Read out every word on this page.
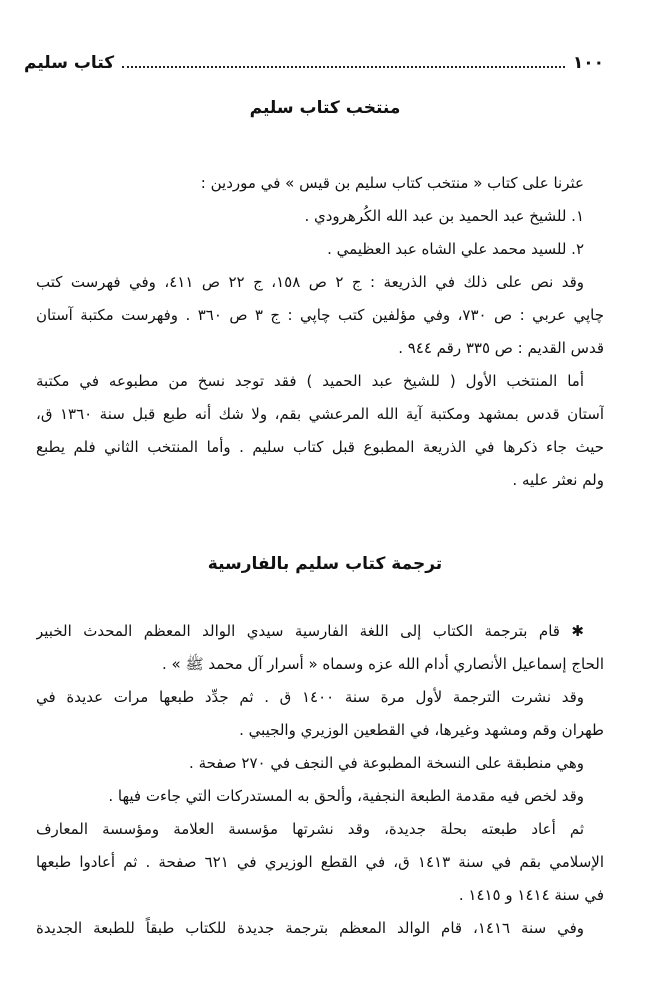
١٠٠
كتاب سليم
منتخب كتاب سليم
عثرنا على كتاب « منتخب كتاب سليم بن قيس » في موردين :
١. للشيخ عبد الحميد بن عبد الله الكُرهرودي .
٢. للسيد محمد علي الشاه عبد العظيمي .
وقد نص على ذلك في الذريعة : ج ٢ ص ١٥٨، ج ٢٢ ص ٤١١، وفي فهرست كتب
چاپي عربي : ص ٧٣٠، وفي مؤلفين كتب چاپي : ج ٣ ص ٣٦٠ . وفهرست مكتبة آستان
قدس القديم : ص ٣٣٥ رقم ٩٤٤ .
أما المنتخب الأول ( للشيخ عبد الحميد ) فقد توجد نسخ من مطبوعه في مكتبة
آستان قدس بمشهد ومكتبة آية الله المرعشي بقم، ولا شك أنه طبع قبل سنة ١٣٦٠ ق،
حيث جاء ذكرها في الذريعة المطبوع قبل كتاب سليم . وأما المنتخب الثاني فلم يطبع
ولم نعثر عليه .
ترجمة كتاب سليم بالفارسية
✱ قام بترجمة الكتاب إلى اللغة الفارسية سيدي الوالد المعظم المحدث الخبير
الحاج إسماعيل الأنصاري أدام الله عزه وسماه « أسرار آل محمد ﷺ » .
وقد نشرت الترجمة لأول مرة سنة ١٤٠٠ ق . ثم جدِّد طبعها مرات عديدة في
طهران وقم ومشهد وغيرها، في القطعين الوزيري والجيبي .
وهي منطبقة على النسخة المطبوعة في النجف في ٢٧٠ صفحة .
وقد لخص فيه مقدمة الطبعة النجفية، وألحق به المستدركات التي جاءت فيها .
ثم أعاد طبعته بحلة جديدة، وقد نشرتها مؤسسة العلامة ومؤسسة المعارف
الإسلامي بقم في سنة ١٤١٣ ق، في القطع الوزيري في ٦٢١ صفحة . ثم أعادوا طبعها
في سنة ١٤١٤ و ١٤١٥ .
وفي سنة ١٤١٦، قام الوالد المعظم بترجمة جديدة للكتاب طبقاً للطبعة الجديدة
